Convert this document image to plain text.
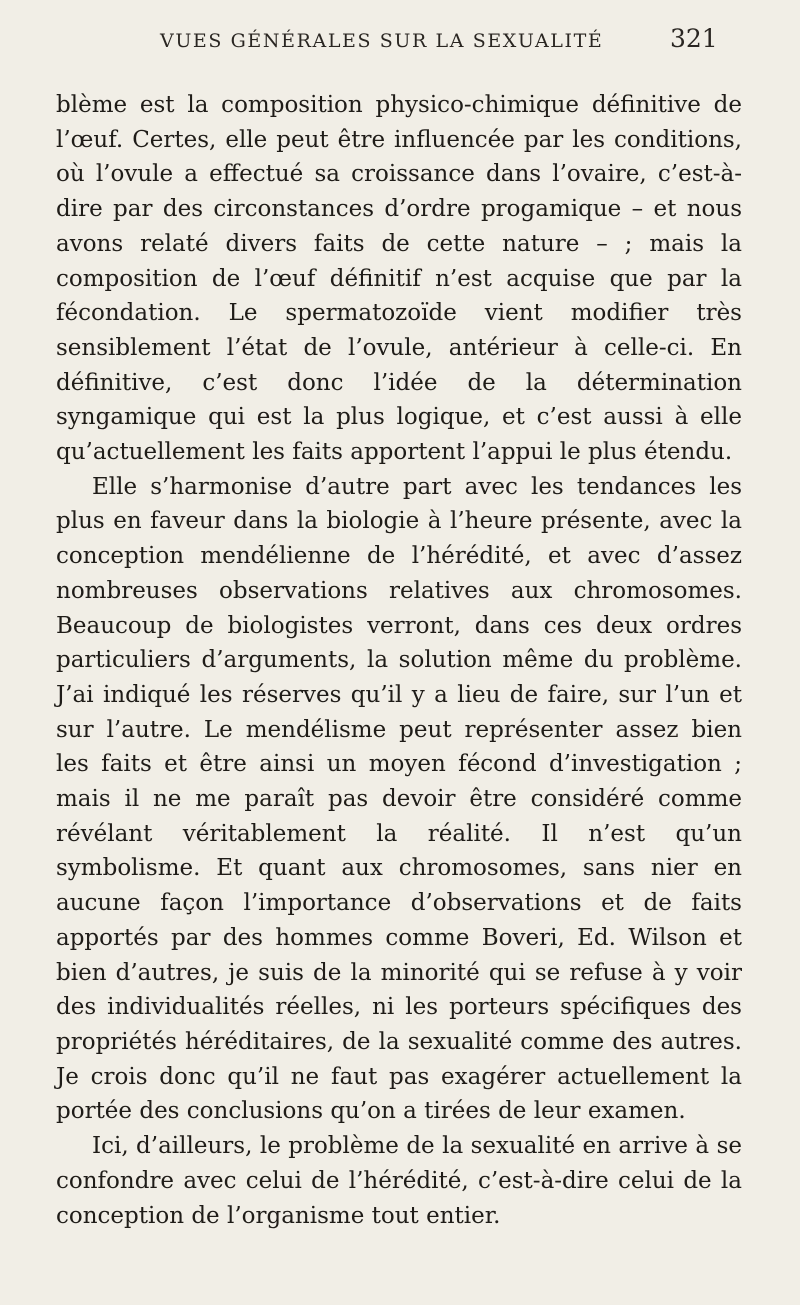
VUES GÉNÉRALES SUR LA SEXUALITÉ	321

blème est la composition physico-chimique définitive de l’œuf. Certes, elle peut être influencée par les conditions, où l’ovule a effectué sa croissance dans l’ovaire, c’est-à-dire par des circonstances d’ordre progamique – et nous avons relaté divers faits de cette nature – ; mais la composition de l’œuf définitif n’est acquise que par la fécondation. Le spermatozoïde vient modifier très sensiblement l’état de l’ovule, antérieur à celle-ci. En définitive, c’est donc l’idée de la détermination syngamique qui est la plus logique, et c’est aussi à elle qu’actuellement les faits apportent l’appui le plus étendu.

Elle s’harmonise d’autre part avec les tendances les plus en faveur dans la biologie à l’heure présente, avec la conception mendélienne de l’hérédité, et avec d’assez nombreuses observations relatives aux chromosomes. Beaucoup de biologistes verront, dans ces deux ordres particuliers d’arguments, la solution même du problème. J’ai indiqué les réserves qu’il y a lieu de faire, sur l’un et sur l’autre. Le mendélisme peut représenter assez bien les faits et être ainsi un moyen fécond d’investigation ; mais il ne me paraît pas devoir être considéré comme révélant véritablement la réalité. Il n’est qu’un symbolisme. Et quant aux chromosomes, sans nier en aucune façon l’importance d’observations et de faits apportés par des hommes comme Boveri, Ed. Wilson et bien d’autres, je suis de la minorité qui se refuse à y voir des individualités réelles, ni les porteurs spécifiques des propriétés héréditaires, de la sexualité comme des autres. Je crois donc qu’il ne faut pas exagérer actuellement la portée des conclusions qu’on a tirées de leur examen.

Ici, d’ailleurs, le problème de la sexualité en arrive à se confondre avec celui de l’hérédité, c’est-à-dire celui de la conception de l’organisme tout entier.
